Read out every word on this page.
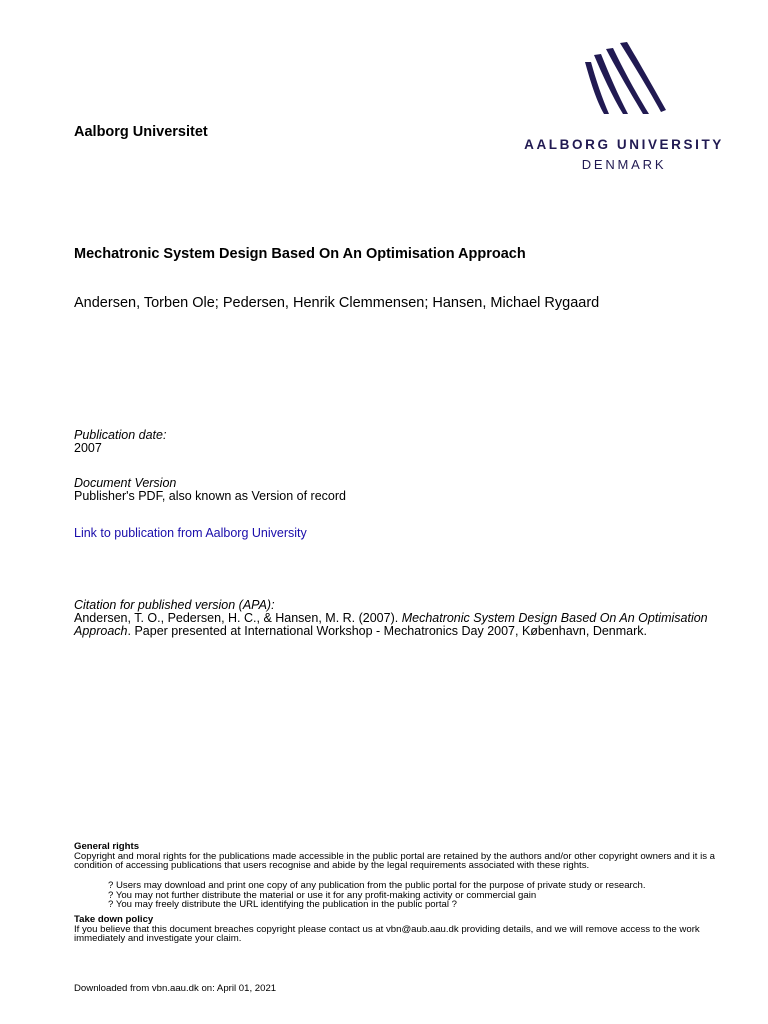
AALBORG UNIVERSITY
DENMARK
Aalborg Universitet
Mechatronic System Design Based On An Optimisation Approach
Andersen, Torben Ole; Pedersen, Henrik Clemmensen; Hansen, Michael Rygaard
Publication date:
2007
Document Version
Publisher's PDF, also known as Version of record
Link to publication from Aalborg University
Citation for published version (APA):
Andersen, T. O., Pedersen, H. C., & Hansen, M. R. (2007). Mechatronic System Design Based On An Optimisation Approach. Paper presented at International Workshop - Mechatronics Day 2007, København, Denmark.
General rights
Copyright and moral rights for the publications made accessible in the public portal are retained by the authors and/or other copyright owners and it is a condition of accessing publications that users recognise and abide by the legal requirements associated with these rights.
? Users may download and print one copy of any publication from the public portal for the purpose of private study or research.
? You may not further distribute the material or use it for any profit-making activity or commercial gain
? You may freely distribute the URL identifying the publication in the public portal ?
Take down policy
If you believe that this document breaches copyright please contact us at vbn@aub.aau.dk providing details, and we will remove access to the work immediately and investigate your claim.
Downloaded from vbn.aau.dk on: April 01, 2021
